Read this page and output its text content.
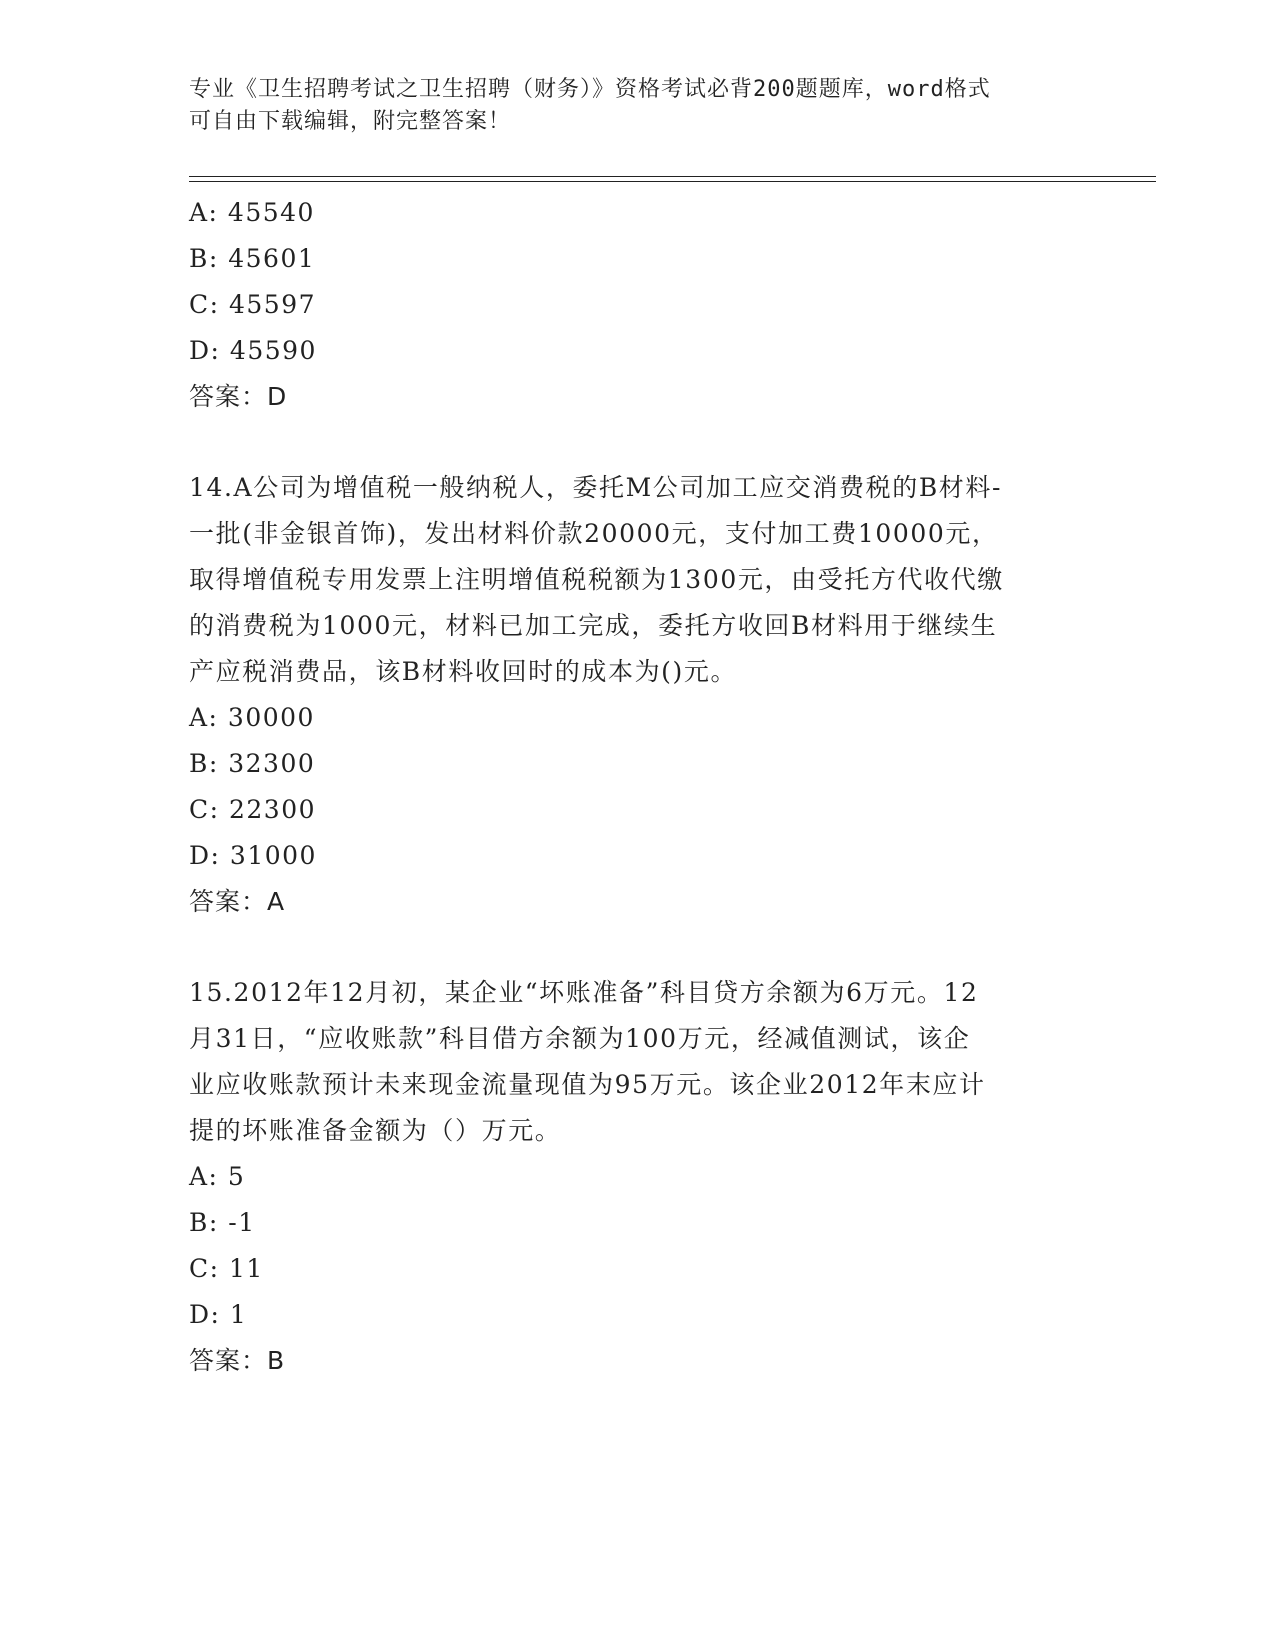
专业《卫生招聘考试之卫生招聘（财务）》资格考试必背200题题库，word格式

可自由下载编辑，附完整答案！

A: 45540

B: 45601

C: 45597

D: 45590

答案：D

14.A公司为增值税一般纳税人，委托M公司加工应交消费税的B材料-
一批(非金银首饰)，发出材料价款20000元，支付加工费10000元，
取得增值税专用发票上注明增值税税额为1300元，由受托方代收代缴
的消费税为1000元，材料已加工完成，委托方收回B材料用于继续生
产应税消费品，该B材料收回时的成本为()元。

A: 30000

B: 32300

C: 22300

D: 31000

答案：A

15.2012年12月初，某企业“坏账准备”科目贷方余额为6万元。12
月31日，“应收账款”科目借方余额为100万元，经减值测试，该企
业应收账款预计未来现金流量现值为95万元。该企业2012年末应计
提的坏账准备金额为（）万元。

A: 5

B: -1

C: 11

D: 1

答案：B
